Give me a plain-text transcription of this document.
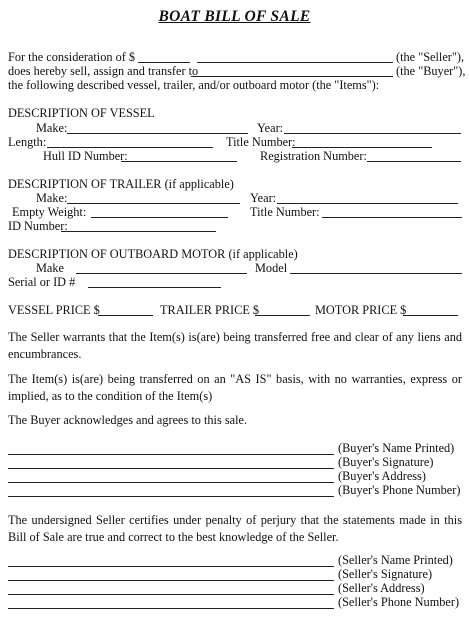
BOAT BILL OF SALE
For the consideration of $	(the "Seller"),
does hereby sell, assign and transfer to	(the "Buyer"),
the following described vessel, trailer, and/or outboard motor (the "Items"):
DESCRIPTION OF VESSEL
Make:	Year:
Length:	Title Number:
Hull ID Number:	Registration Number:
DESCRIPTION OF TRAILER (if applicable)
Make:	Year:
Empty Weight:	Title Number:
ID Number:
DESCRIPTION OF OUTBOARD MOTOR (if applicable)
Make	Model
Serial or ID #
VESSEL PRICE $	TRAILER PRICE $	MOTOR PRICE $
The Seller warrants that the Item(s) is(are) being transferred free and clear of any liens and encumbrances.
The Item(s) is(are) being transferred on an "AS IS" basis, with no warranties, express or implied, as to the condition of the Item(s)
The Buyer acknowledges and agrees to this sale.
(Buyer's Name Printed)
(Buyer's Signature)
(Buyer's Address)
(Buyer's Phone Number)
The undersigned Seller certifies under penalty of perjury that the statements made in this Bill of Sale are true and correct to the best knowledge of the Seller.
(Seller's Name Printed)
(Seller's Signature)
(Seller's Address)
(Seller's Phone Number)
